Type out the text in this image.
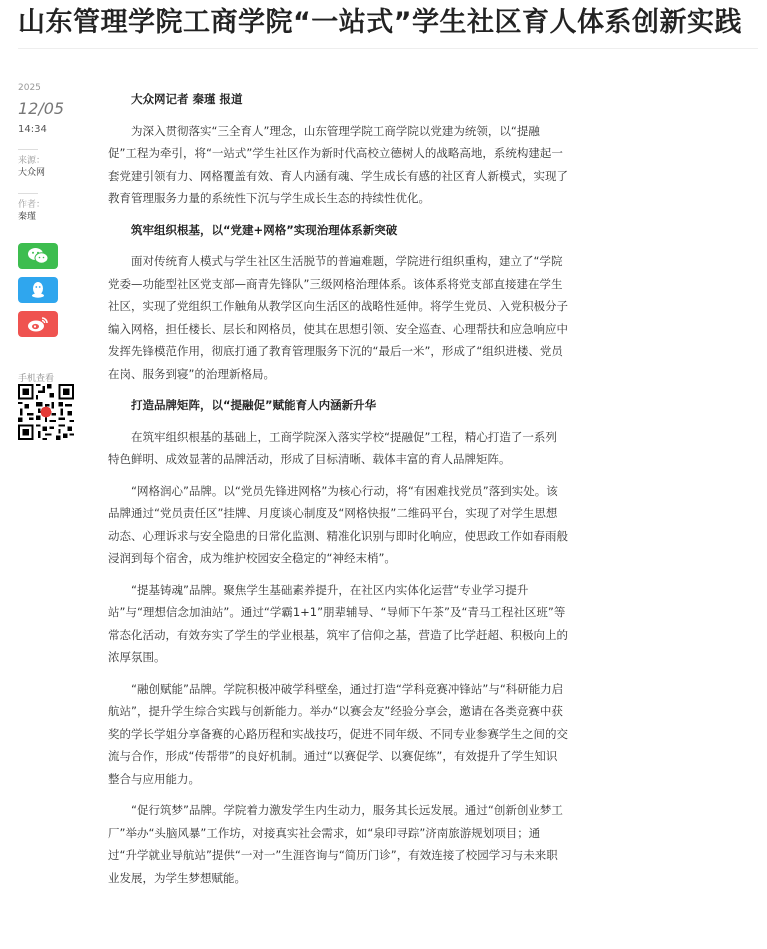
山东管理学院工商学院“一站式”学生社区育人体系创新实践
2025
12/05
14:34
来源：
大众网
作者：
秦瑾
手机查看

大众网记者 秦瑾 报道

为深入贯彻落实“三全育人”理念，山东管理学院工商学院以党建为统领，以“提融促”工程为牵引，将“一站式”学生社区作为新时代高校立德树人的战略高地，系统构建起一套党建引领有力、网格覆盖有效、育人内涵有魂、学生成长有感的社区育人新模式，实现了教育管理服务力量的系统性下沉与学生成长生态的持续性优化。

筑牢组织根基，以“党建+网格”实现治理体系新突破

面对传统育人模式与学生社区生活脱节的普遍难题，学院进行组织重构，建立了“学院党委—功能型社区党支部—商青先锋队”三级网格治理体系。该体系将党支部直接建在学生社区，实现了党组织工作触角从教学区向生活区的战略性延伸。将学生党员、入党积极分子编入网格，担任楼长、层长和网格员，使其在思想引领、安全巡查、心理帮扶和应急响应中发挥先锋模范作用，彻底打通了教育管理服务下沉的“最后一米”，形成了“组织进楼、党员在岗、服务到寝”的治理新格局。

打造品牌矩阵，以“提融促”赋能育人内涵新升华

在筑牢组织根基的基础上，工商学院深入落实学校“提融促”工程，精心打造了一系列特色鲜明、成效显著的品牌活动，形成了目标清晰、载体丰富的育人品牌矩阵。

“网格润心”品牌。以“党员先锋进网格”为核心行动，将“有困难找党员”落到实处。该品牌通过“党员责任区”挂牌、月度谈心制度及“网格快报”二维码平台，实现了对学生思想动态、心理诉求与安全隐患的日常化监测、精准化识别与即时化响应，使思政工作如春雨般浸润到每个宿舍，成为维护校园安全稳定的“神经末梢”。

“提基铸魂”品牌。聚焦学生基础素养提升，在社区内实体化运营“专业学习提升站”与“理想信念加油站”。通过“学霸1+1”朋辈辅导、“导师下午茶”及“青马工程社区班”等常态化活动，有效夯实了学生的学业根基，筑牢了信仰之基，营造了比学赶超、积极向上的浓厚氛围。

“融创赋能”品牌。学院积极冲破学科壁垒，通过打造“学科竞赛冲锋站”与“科研能力启航站”，提升学生综合实践与创新能力。举办“以赛会友”经验分享会，邀请在各类竞赛中获奖的学长学姐分享备赛的心路历程和实战技巧，促进不同年级、不同专业参赛学生之间的交流与合作，形成“传帮带”的良好机制。通过“以赛促学、以赛促练”，有效提升了学生知识整合与应用能力。

“促行筑梦”品牌。学院着力激发学生内生动力，服务其长远发展。通过“创新创业梦工厂”举办“头脑风暴”工作坊，对接真实社会需求，如“泉印寻踪”济南旅游规划项目；通过“升学就业导航站”提供“一对一”生涯咨询与“简历门诊”，有效连接了校园学习与未来职业发展，为学生梦想赋能。
